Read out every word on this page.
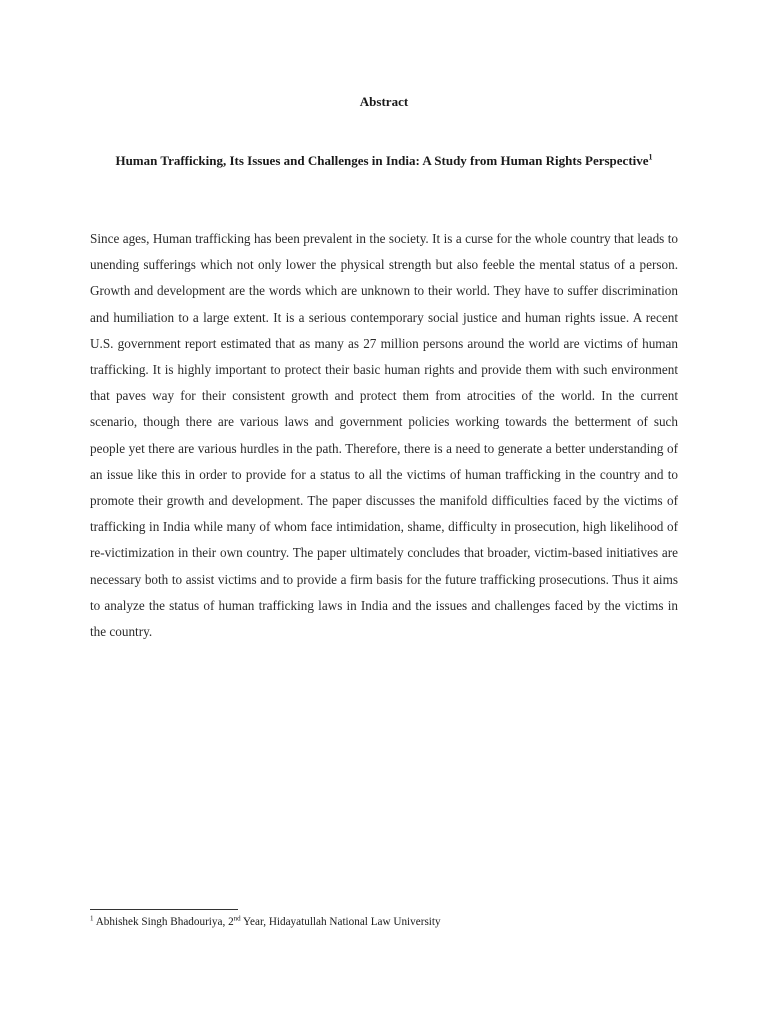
Abstract
Human Trafficking, Its Issues and Challenges in India: A Study from Human Rights Perspective$^1$

Since ages, Human trafficking has been prevalent in the society. It is a curse for the whole country that leads to unending sufferings which not only lower the physical strength but also feeble the mental status of a person. Growth and development are the words which are unknown to their world. They have to suffer discrimination and humiliation to a large extent. It is a serious contemporary social justice and human rights issue. A recent U.S. government report estimated that as many as 27 million persons around the world are victims of human trafficking. It is highly important to protect their basic human rights and provide them with such environment that paves way for their consistent growth and protect them from atrocities of the world. In the current scenario, though there are various laws and government policies working towards the betterment of such people yet there are various hurdles in the path. Therefore, there is a need to generate a better understanding of an issue like this in order to provide for a status to all the victims of human trafficking in the country and to promote their growth and development. The paper discusses the manifold difficulties faced by the victims of trafficking in India while many of whom face intimidation, shame, difficulty in prosecution, high likelihood of re-victimization in their own country. The paper ultimately concludes that broader, victim-based initiatives are necessary both to assist victims and to provide a firm basis for the future trafficking prosecutions. Thus it aims to analyze the status of human trafficking laws in India and the issues and challenges faced by the victims in the country.

$^1$ Abhishek Singh Bhadouriya, 2nd Year, Hidayatullah National Law University
